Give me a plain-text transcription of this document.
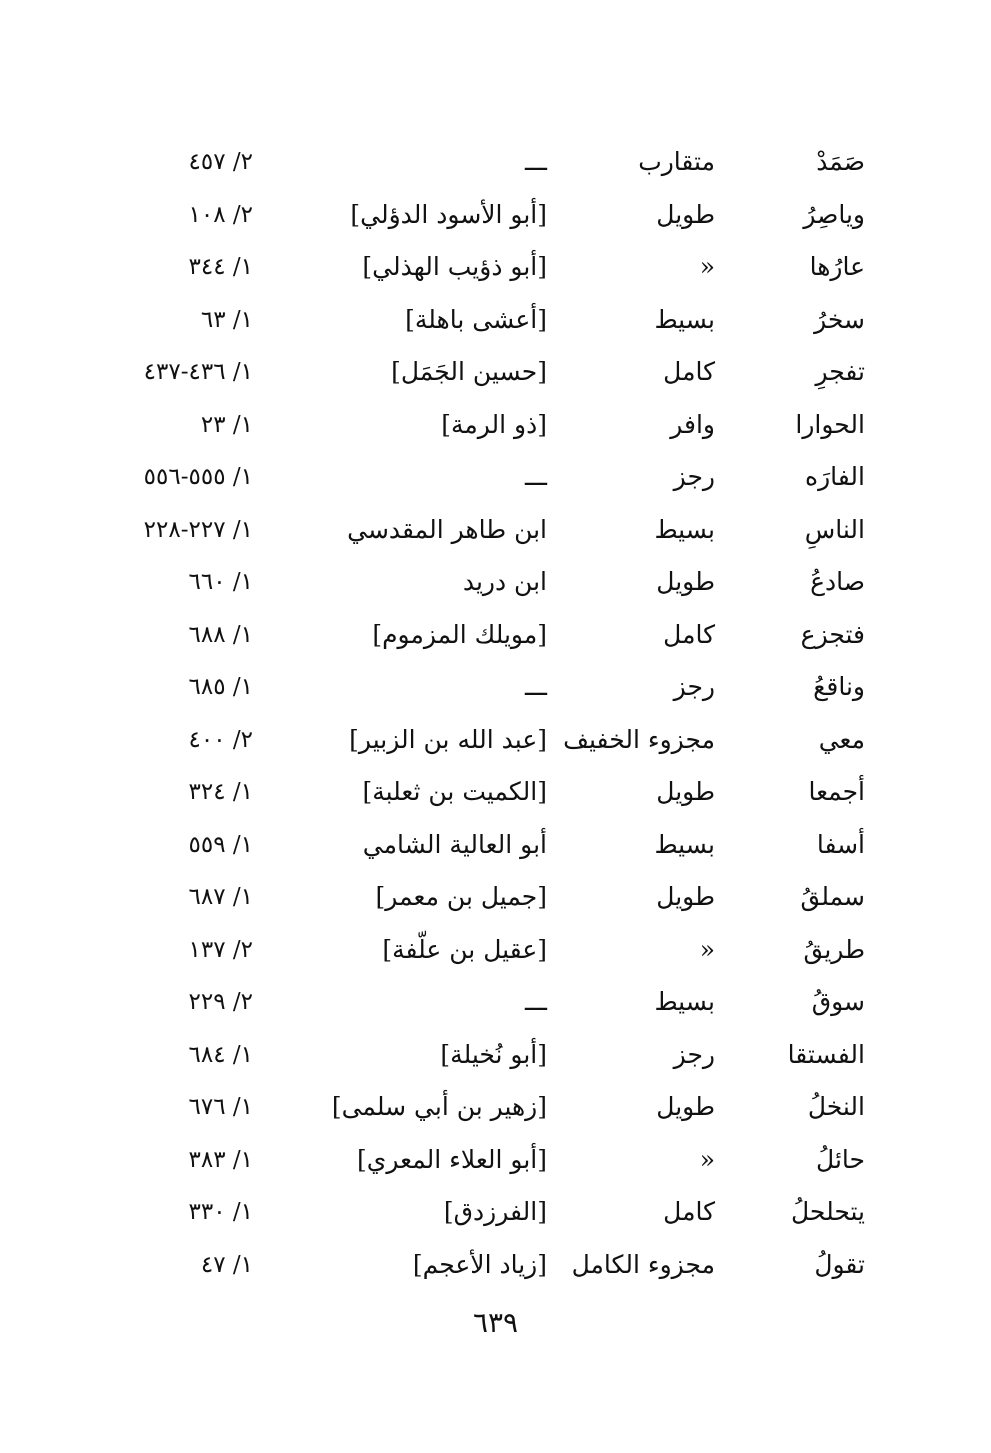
صَمَدْ
متقارب
ـــ
٢/ ٤٥٧
وياصِرُ
طويل
[أبو الأسود الدؤلي]
٢/ ١٠٨
عارُها
«
[أبو ذؤيب الهذلي]
١/ ٣٤٤
سخرُ
بسيط
[أعشى باهلة]
١/ ٦٣
تفجرِ
كامل
[حسين الجَمَل]
١/ ٤٣٦-٤٣٧
الحوارا
وافر
[ذو الرمة]
١/ ٢٣
الفارَه
رجز
ـــ
١/ ٥٥٥-٥٥٦
الناسِ
بسيط
ابن طاهر المقدسي
١/ ٢٢٧-٢٢٨
صادعُ
طويل
ابن دريد
١/ ٦٦٠
فتجزع
كامل
[مويلك المزموم]
١/ ٦٨٨
وناقعُ
رجز
ـــ
١/ ٦٨٥
معي
مجزوء الخفيف
[عبد الله بن الزبير]
٢/ ٤٠٠
أجمعا
طويل
[الكميت بن ثعلبة]
١/ ٣٢٤
أسفا
بسيط
أبو العالية الشامي
١/ ٥٥٩
سملقُ
طويل
[جميل بن معمر]
١/ ٦٨٧
طريقُ
«
[عقيل بن علّفة]
٢/ ١٣٧
سوقُ
بسيط
ـــ
٢/ ٢٢٩
الفستقا
رجز
[أبو نُخيلة]
١/ ٦٨٤
النخلُ
طويل
[زهير بن أبي سلمى]
١/ ٦٧٦
حائلُ
«
[أبو العلاء المعري]
١/ ٣٨٣
يتحلحلُ
كامل
[الفرزدق]
١/ ٣٣٠
تقولُ
مجزوء الكامل
[زياد الأعجم]
١/ ٤٧
٦٣٩
